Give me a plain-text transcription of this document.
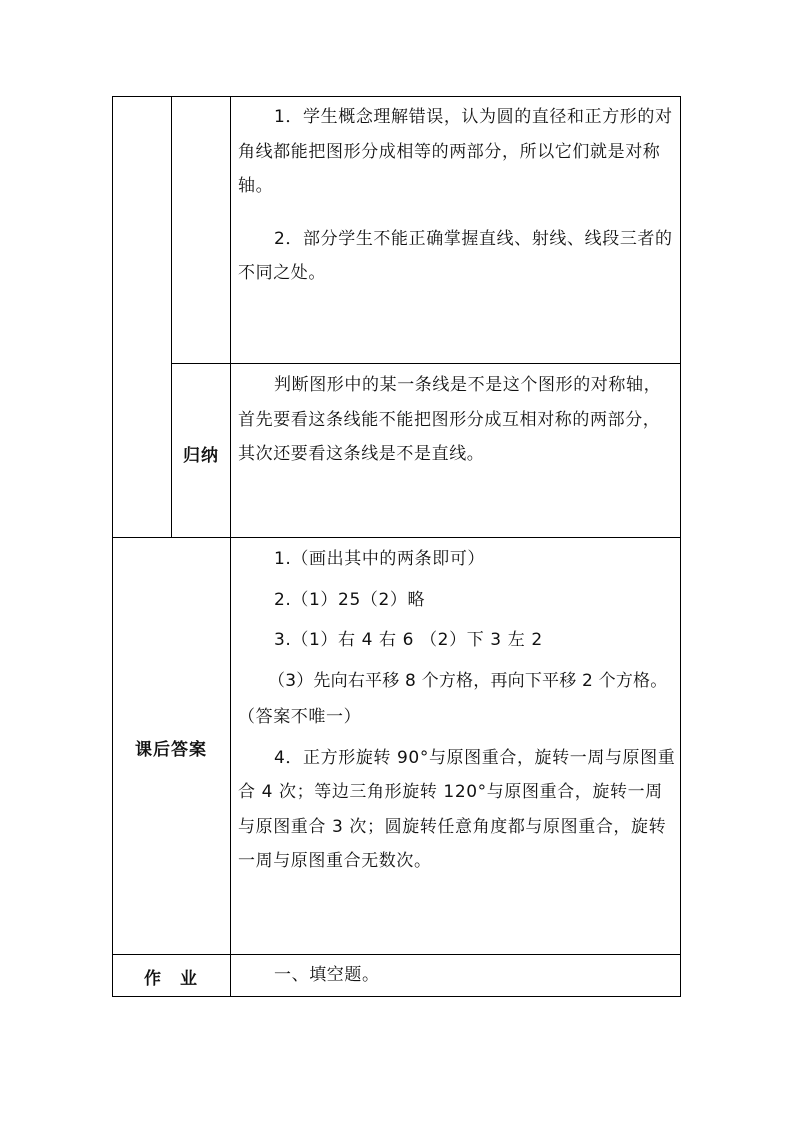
1．学生概念理解错误，认为圆的直径和正方形的对角线都能把图形分成相等的两部分，所以它们就是对称轴。

2．部分学生不能正确掌握直线、射线、线段三者的不同之处。

归纳

判断图形中的某一条线是不是这个图形的对称轴，首先要看这条线能不能把图形分成互相对称的两部分，其次还要看这条线是不是直线。

课后答案

1.（画出其中的两条即可）

2.（1）25（2）略

3.（1）右 4 右 6 （2）下 3 左 2

（3）先向右平移 8 个方格，再向下平移 2 个方格。

（答案不唯一）

4．正方形旋转 90°与原图重合，旋转一周与原图重合 4 次；等边三角形旋转 120°与原图重合，旋转一周与原图重合 3 次；圆旋转任意角度都与原图重合，旋转一周与原图重合无数次。

作　业	一、填空题。
